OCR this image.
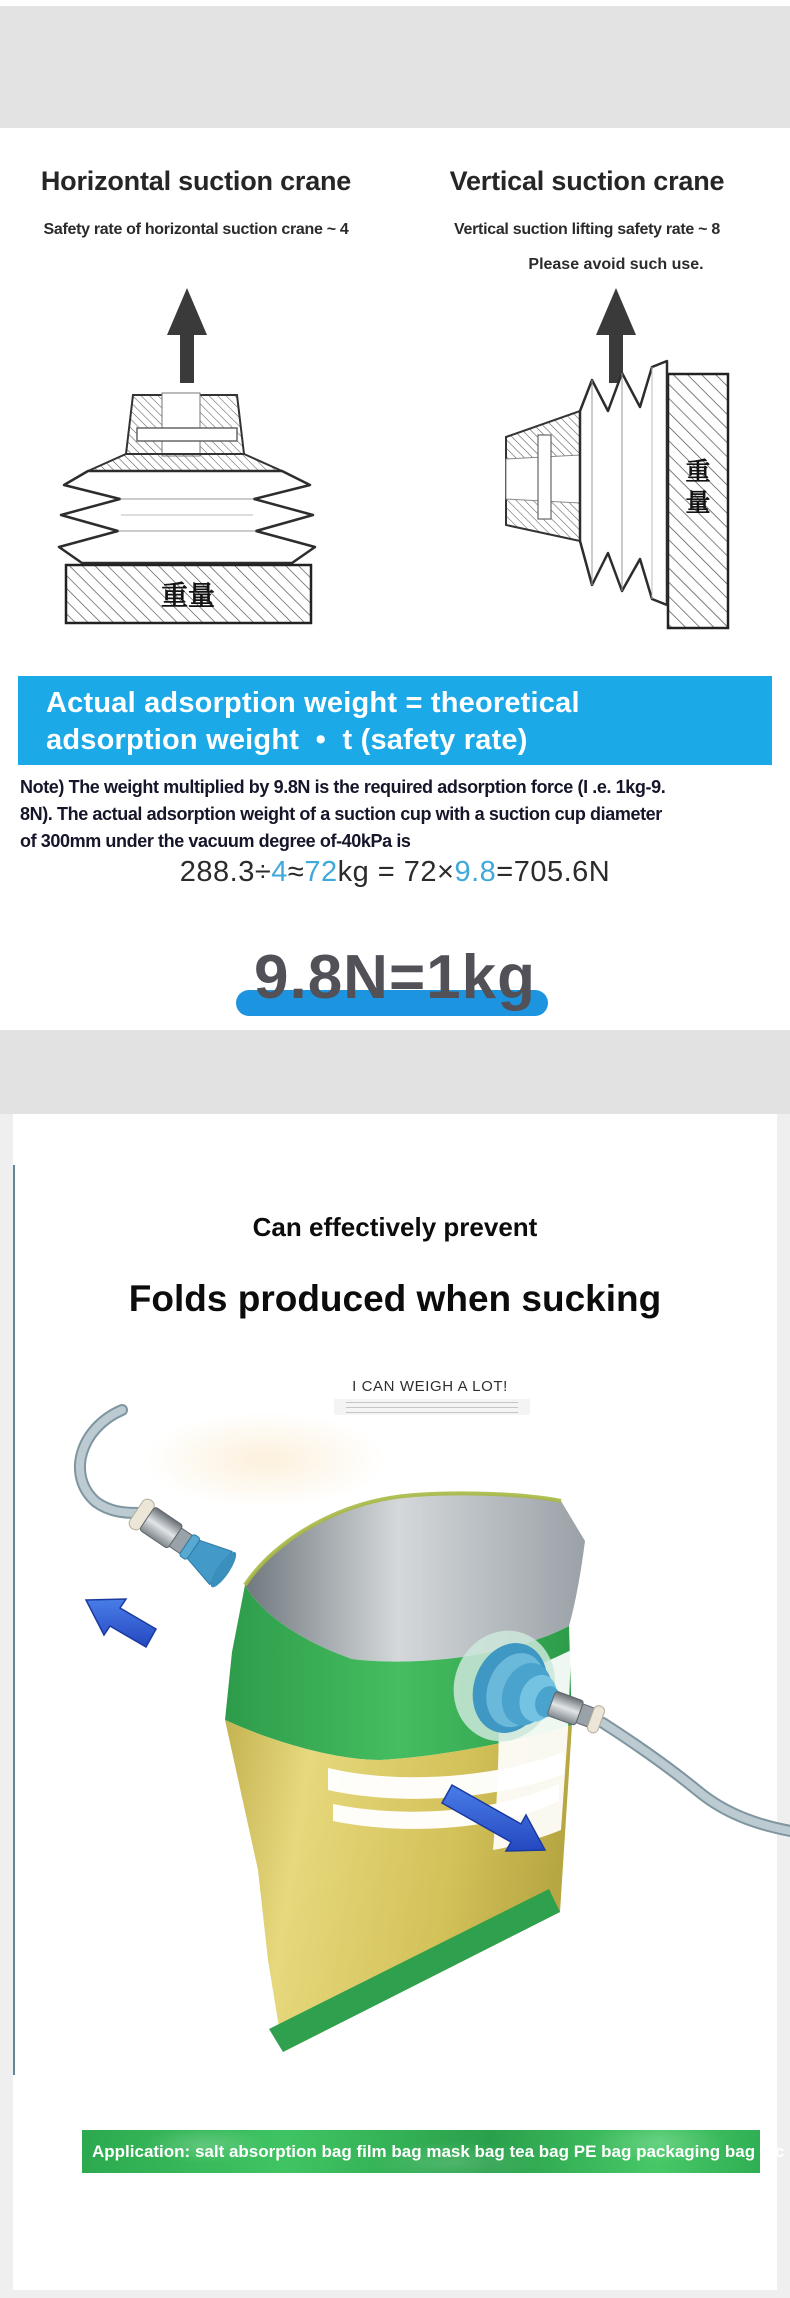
Horizontal suction crane
Safety rate of horizontal suction crane ~ 4
Vertical suction crane
Vertical suction lifting safety rate ~ 8
Please avoid such use.
重量
重
量
Actual adsorption weight = theoretical
adsorption weight  •  t (safety rate)
Note) The weight multiplied by 9.8N is the required adsorption force (I .e. 1kg-9.
8N). The actual adsorption weight of a suction cup with a suction cup diameter
of 300mm under the vacuum degree of-40kPa is
288.3÷4≈72kg = 72×9.8=705.6N
9.8N=1kg
Can effectively prevent
Folds produced when sucking
I CAN WEIGH A LOT!
Application: salt absorption bag film bag mask bag tea bag PE bag packaging bag etc
